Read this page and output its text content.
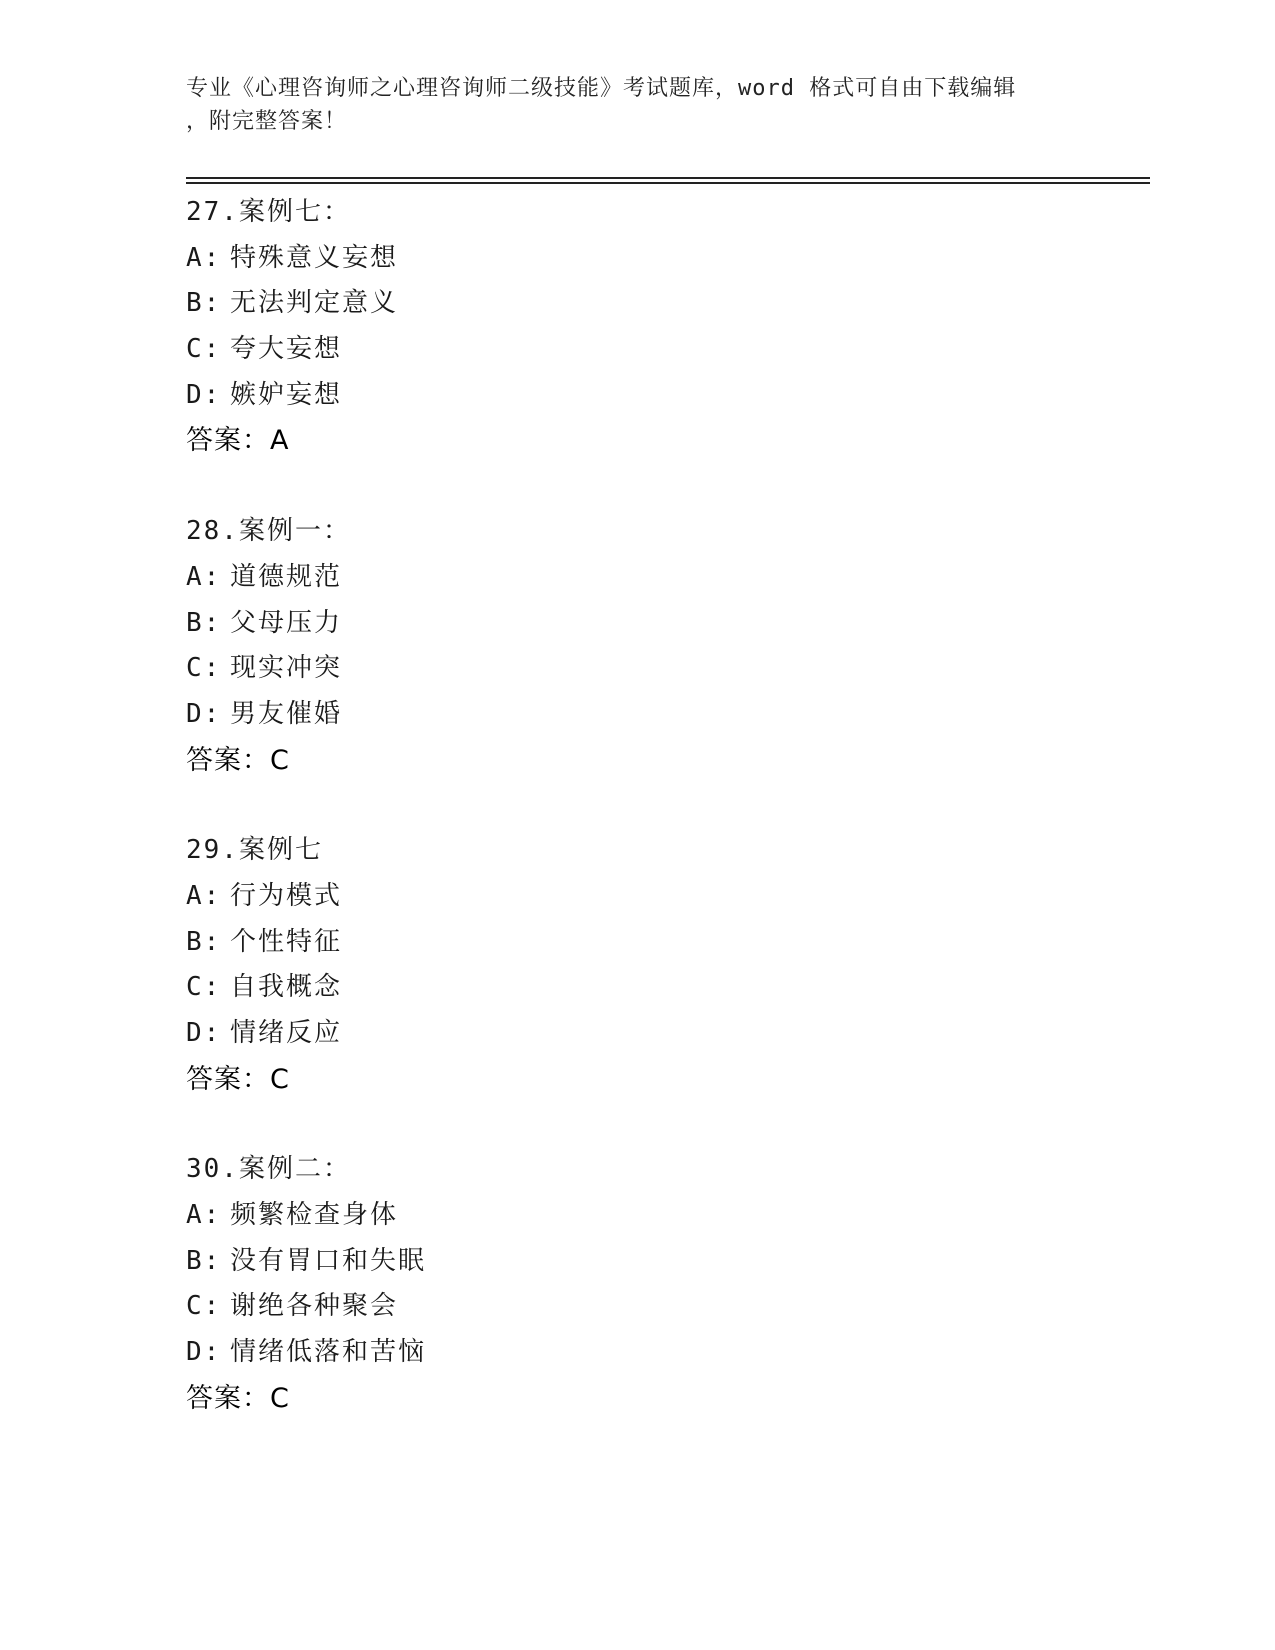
专业《心理咨询师之心理咨询师二级技能》考试题库，word 格式可自由下载编辑
，附完整答案！
27.案例七：
A: 特殊意义妄想
B: 无法判定意义
C: 夸大妄想
D: 嫉妒妄想
答案：A
28.案例一：
A: 道德规范
B: 父母压力
C: 现实冲突
D: 男友催婚
答案：C
29.案例七
A: 行为模式
B: 个性特征
C: 自我概念
D: 情绪反应
答案：C
30.案例二：
A: 频繁检查身体
B: 没有胃口和失眠
C: 谢绝各种聚会
D: 情绪低落和苦恼
答案：C
